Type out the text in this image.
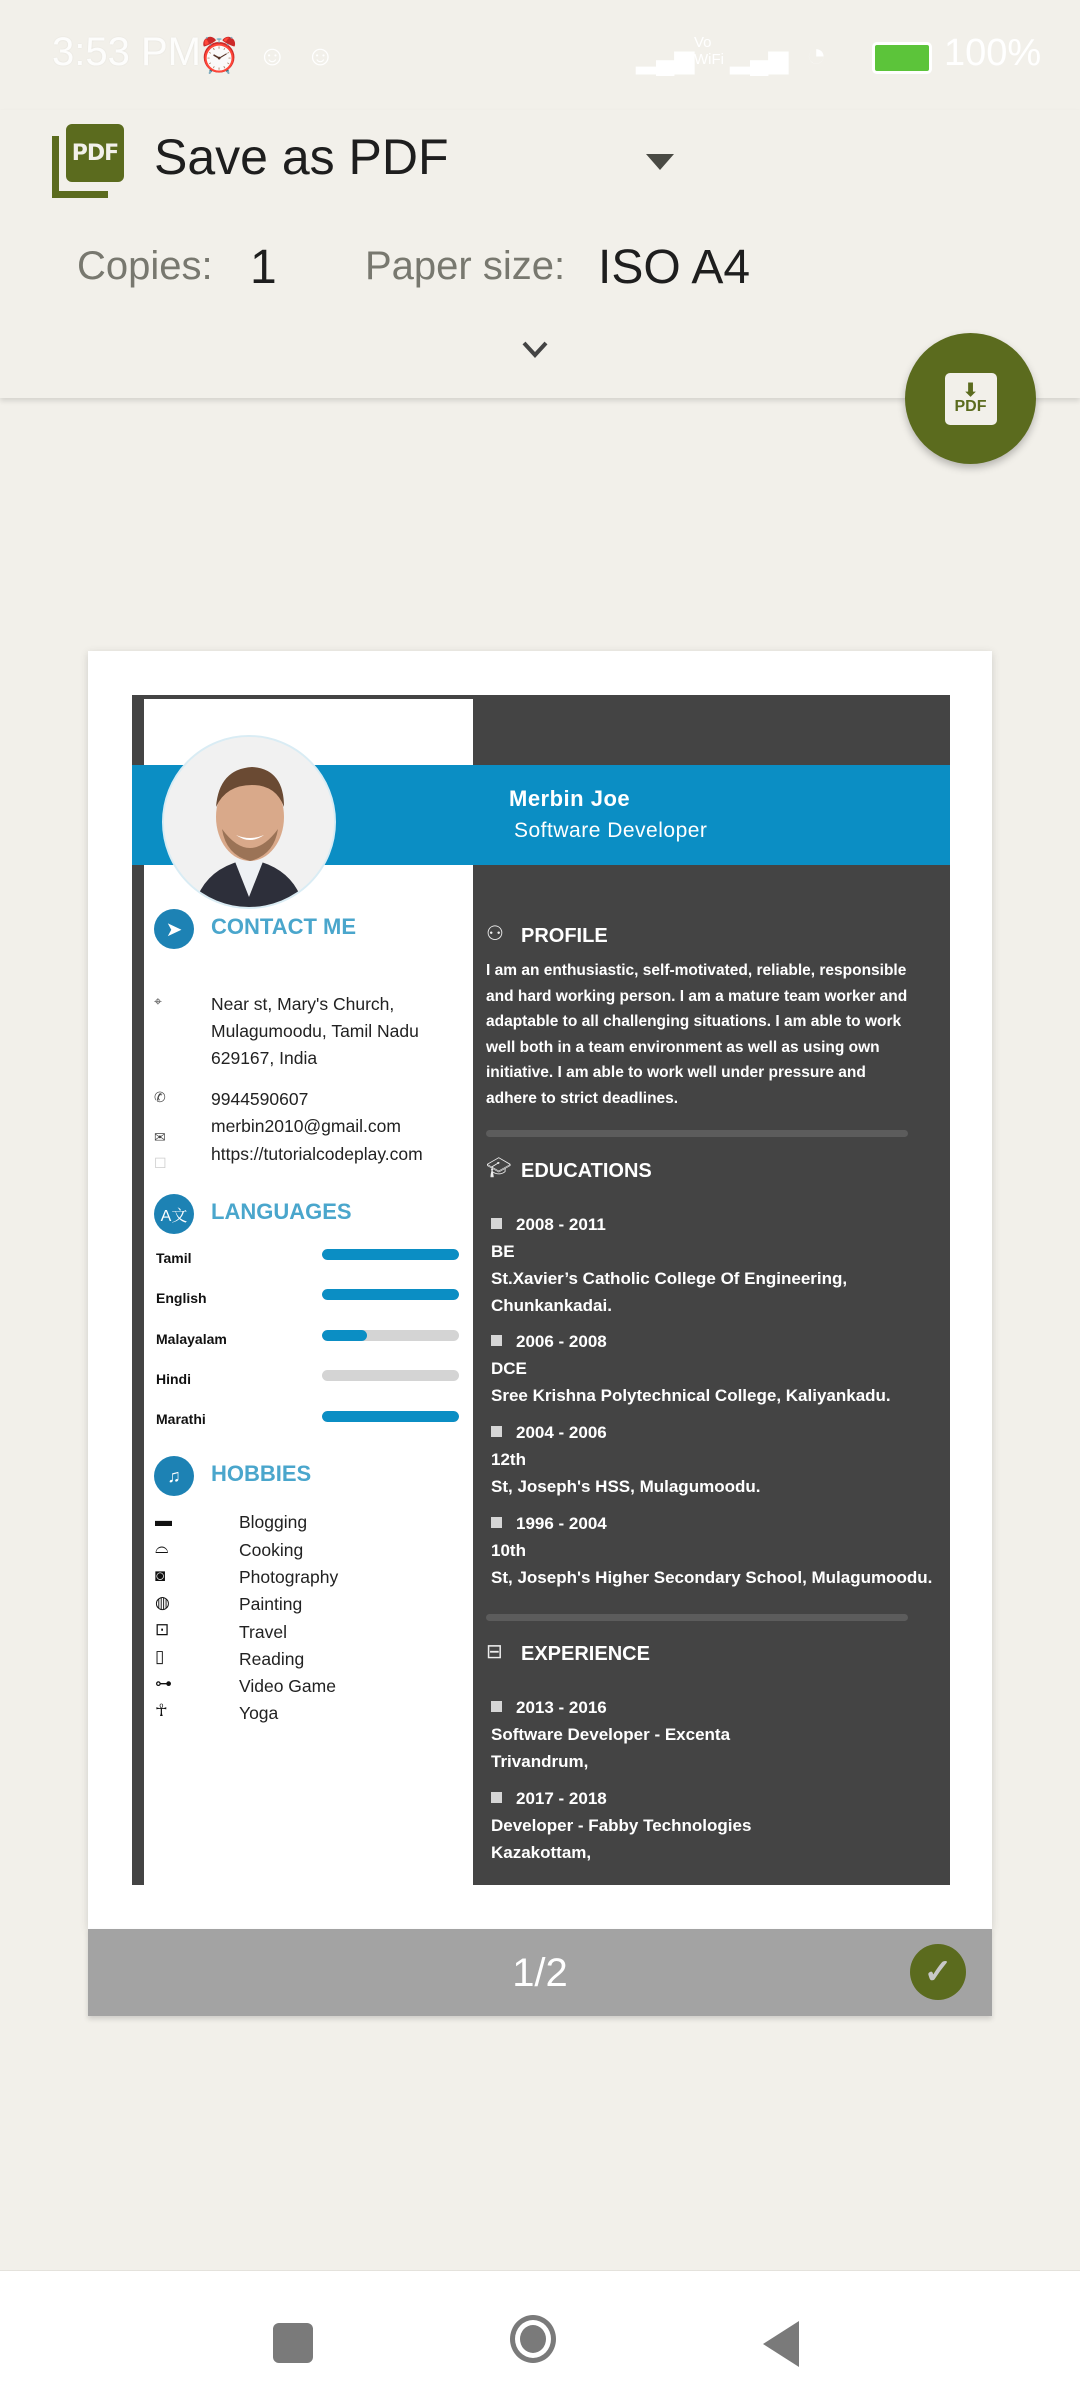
3:53 PM
⏰ ☺ ☺	▂▄▆
Vo WiFi ▂▄▆ ◔	100%
PDF Save as PDF
Copies: 1 Paper size: ISO A4
⬇
PDF
Merbin Joe
Software Developer
➤	CONTACT ME
⌖	Near st, Mary's Church,
Mulagumoodu, Tamil Nadu
629167, India
✆	9944590607
✉
merbin2010@gmail.com
☐	https://tutorialcodeplay.com
A文	LANGUAGES
Tamil
English
Malayalam
Hindi
Marathi
♫	HOBBIES
▬	Blogging
⌓	Cooking
◙	Photography
◍	Painting
⊡	Travel
▯	Reading
⊶	Video Game
☥	Yoga
⚇ PROFILE
I am an enthusiastic, self-motivated, reliable, responsible
and hard working person. I am a mature team worker and
adaptable to all challenging situations. I am able to work
well both in a team environment as well as using own
initiative. I am able to work well under pressure and
adhere to strict deadlines.
🎓︎ EDUCATIONS
2008 - 2011
BE
St.Xavier’s Catholic College Of Engineering,
Chunkankadai.
2006 - 2008
DCE
Sree Krishna Polytechnical College, Kaliyankadu.
2004 - 2006
12th
St, Joseph's HSS, Mulagumoodu.
1996 - 2004
10th
St, Joseph's Higher Secondary School, Mulagumoodu.
⊟ EXPERIENCE
2013 - 2016
Software Developer - Excenta
Trivandrum,
2017 - 2018
Developer - Fabby Technologies
Kazakottam,
1/2	✓
